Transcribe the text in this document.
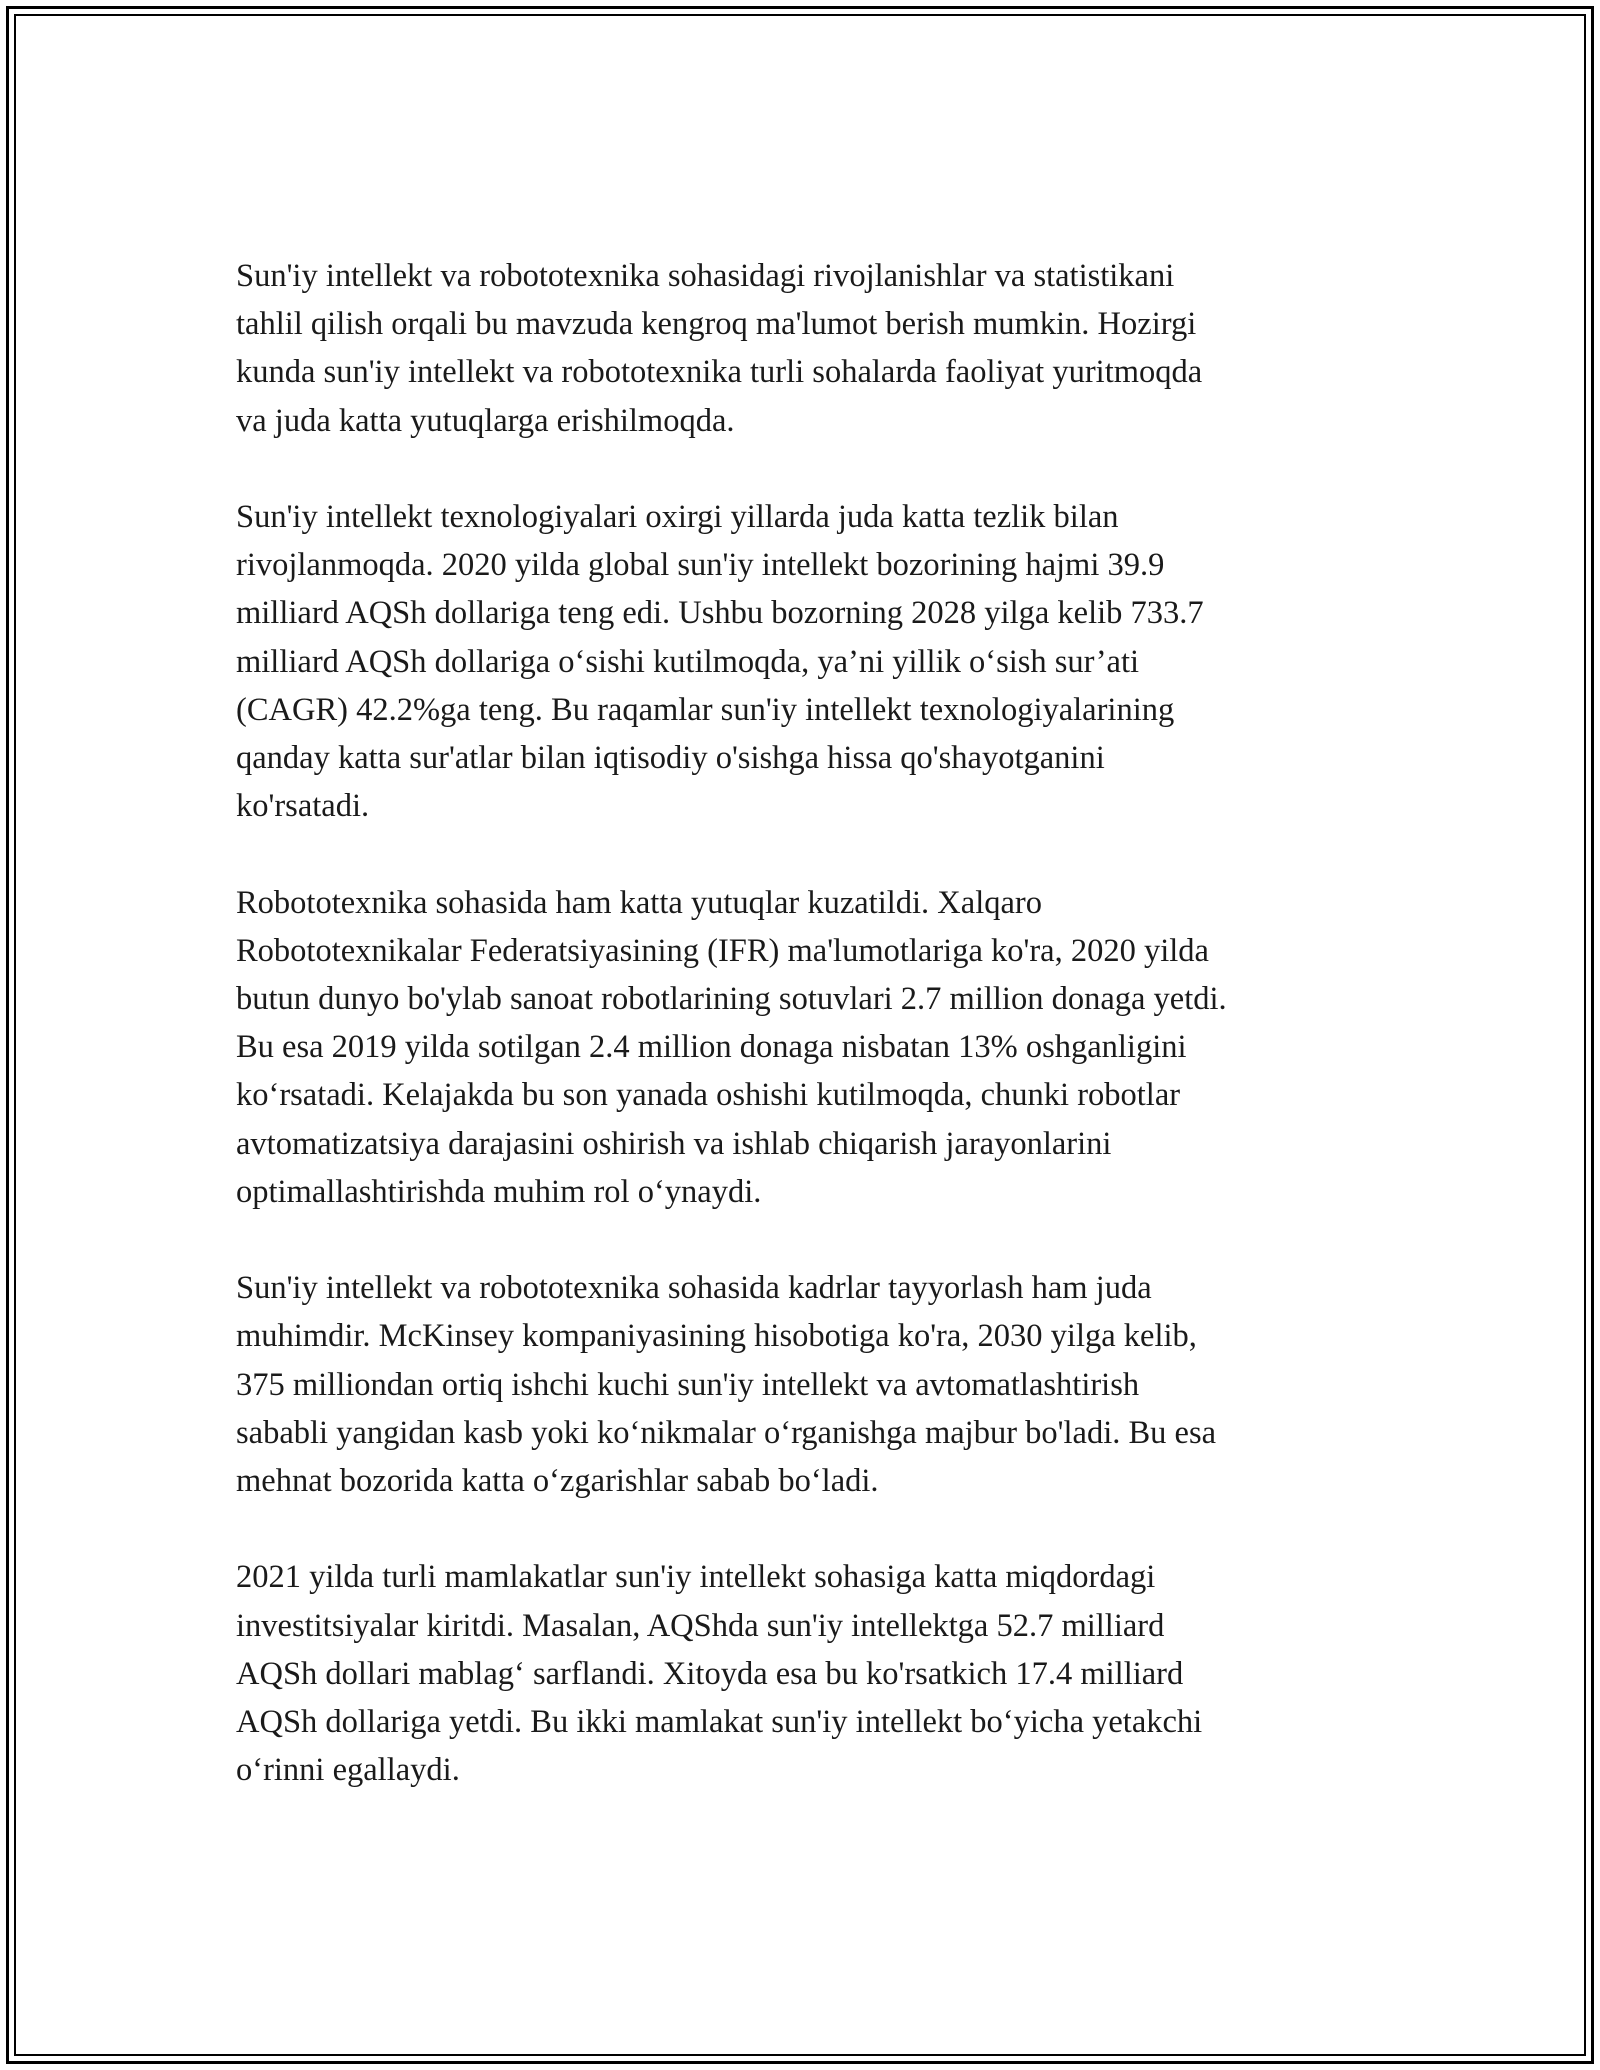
Sun'iy intellekt va robototexnika sohasidagi rivojlanishlar va statistikani
tahlil qilish orqali bu mavzuda kengroq ma'lumot berish mumkin. Hozirgi
kunda sun'iy intellekt va robototexnika turli sohalarda faoliyat yuritmoqda
va juda katta yutuqlarga erishilmoqda.

Sun'iy intellekt texnologiyalari oxirgi yillarda juda katta tezlik bilan
rivojlanmoqda. 2020 yilda global sun'iy intellekt bozorining hajmi 39.9
milliard AQSh dollariga teng edi. Ushbu bozorning 2028 yilga kelib 733.7
milliard AQSh dollariga o‘sishi kutilmoqda, ya’ni yillik o‘sish sur’ati
(CAGR) 42.2%ga teng. Bu raqamlar sun'iy intellekt texnologiyalarining
qanday katta sur'atlar bilan iqtisodiy o'sishga hissa qo'shayotganini
ko'rsatadi.

Robototexnika sohasida ham katta yutuqlar kuzatildi. Xalqaro
Robototexnikalar Federatsiyasining (IFR) ma'lumotlariga ko'ra, 2020 yilda
butun dunyo bo'ylab sanoat robotlarining sotuvlari 2.7 million donaga yetdi.
Bu esa 2019 yilda sotilgan 2.4 million donaga nisbatan 13% oshganligini
ko‘rsatadi. Kelajakda bu son yanada oshishi kutilmoqda, chunki robotlar
avtomatizatsiya darajasini oshirish va ishlab chiqarish jarayonlarini
optimallashtirishda muhim rol o‘ynaydi.

Sun'iy intellekt va robototexnika sohasida kadrlar tayyorlash ham juda
muhimdir. McKinsey kompaniyasining hisobotiga ko'ra, 2030 yilga kelib,
375 milliondan ortiq ishchi kuchi sun'iy intellekt va avtomatlashtirish
sababli yangidan kasb yoki ko‘nikmalar o‘rganishga majbur bo'ladi. Bu esa
mehnat bozorida katta o‘zgarishlar sabab bo‘ladi.

2021 yilda turli mamlakatlar sun'iy intellekt sohasiga katta miqdordagi
investitsiyalar kiritdi. Masalan, AQShda sun'iy intellektga 52.7 milliard
AQSh dollari mablag‘ sarflandi. Xitoyda esa bu ko'rsatkich 17.4 milliard
AQSh dollariga yetdi. Bu ikki mamlakat sun'iy intellekt bo‘yicha yetakchi
o‘rinni egallaydi.
